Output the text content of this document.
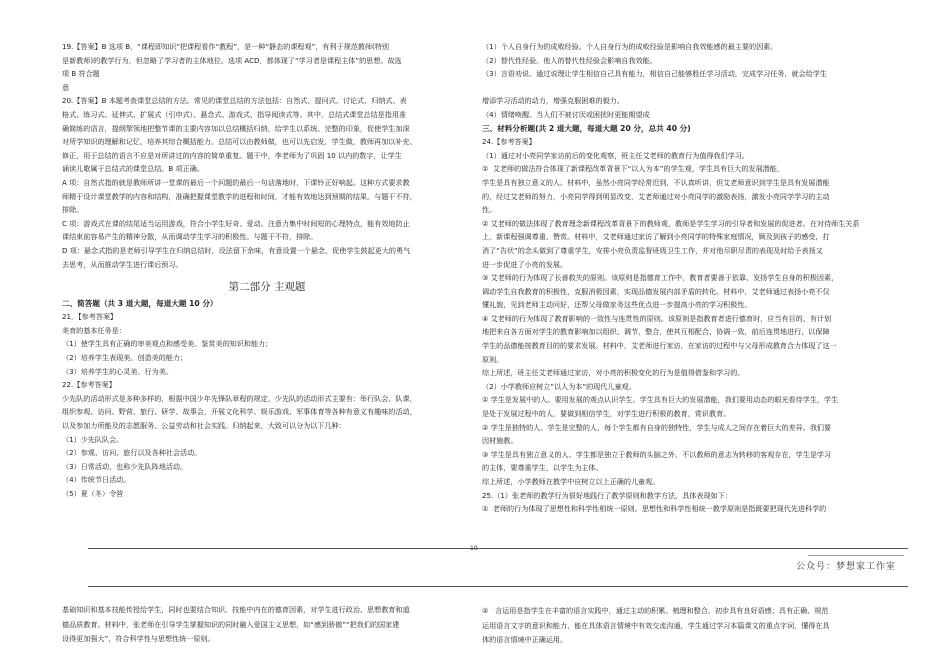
19.【答案】B 选项 B，“课程即知识”把课程看作“教程”，是一种“静态的课程观”，有利于规范教师(特别

是新教师)的教学行为，但忽略了学习者的主体地位。选项 ACD，都体现了“学习者是课程主体”的思想。故选

项 B 符合题

意

20.【答案】B 本题考查课堂总结的方法。常见的课堂总结的方法包括：自然式、提问式、讨论式、归纳式、表

格式、练习式、延伸式、扩展式（引申式）、悬念式、游戏式、指导阅读式等。其中，总结式课堂总结是指用准

确简练的语言，提纲挈领地把整节课的主要内容加以总结概括归纳，给学生以系统、完整的印象，促使学生加深

对所学知识的理解和记忆，培养其综合概括能力。总结可以由教师做，也可以先启发，学生做，教师再加以补充、

修正，用于总结的语言不应是对所讲过的内容的简单重复。题干中，李老师为了巩固 10 以内的数字，让学生

诵读儿歌属于总结式的课堂总结。B 项正确。

A 项：自然式指的就是教师所讲一堂课的最后一个问题的最后一句话落地时，下课铃正好响起。这种方式要求教

师精于设计课堂教学的内容和结构，准确把握课堂教学的进程和时间，才能有效地达到预期的结果。与题干不符，

排除。

C 项：游戏式在课的结尾适当运用游戏，符合小学生好奇、爱动、注意力集中时间短的心理特点，能有效地防止

课结束前容易产生的精神分散，从而调动学生学习的积极性。与题干不符，排除。

D 项：悬念式指的是老师引导学生在归纳总结时，设法留下余味，有意设置一个悬念，促使学生鼓起更大的勇气

去思考，从而推动学生进行课后预习。

第二部分 主观题
二、简答题（共 3 道大题，每道大题 10 分）

21．【参考答案】

美育的基本任务是：

（1）使学生具有正确的审美观点和感受美、鉴赏美的知识和能力；

（2）培养学生表现美、创造美的能力；

（3）培养学生的心灵美、行为美。

22.【参考答案】

少先队的活动形式是多种多样的，根据中国少年先锋队章程的规定，少先队的活动形式主要有：举行队会、队课，

组织参观、访问、野营、旅行、研学、故事会，开展文化科学、娱乐游戏、军事体育等各种有意义有趣味的活动，

以及参加力所能及的志愿服务、公益劳动和社会实践。归纳起来，大致可以分为以下几种：

（1）少先队队会。

（2）参观、访问、旅行以及各种社会活动。

（3）日常活动，也称少先队阵地活动。

（4）传统节日活动。

（5）夏（冬）令营

（1）个人自身行为的成败经验。个人自身行为的成败经验是影响自我效能感的最主要的因素。

（2）替代性经验。他人的替代性经验会影响自我效能。

（3）言语劝说。通过说理让学生相信自己具有能力，相信自己能够胜任学习活动，完成学习任务，就会给学生

增添学习活动的动力，增强克服困难的毅力。

（4）情绪唤醒。当人们不被讨厌或困扰时更能期望成

三、材料分析题(共 2 道大题，每道大题 20 分，总共 40 分)

24.【参考答案】

（1）通过对小亮同学家访前后的变化观察，班主任艾老师的教育行为值得我们学习。

①  艾老师的做法符合体现了新课程改革背景下“以人为本”的学生观，学生具有巨大的发展潜能，

学生是具有独立意义的人。材料中，虽然小亮同学经常迟到，不认真听讲，但艾老师意识到学生是具有发展潜能

的，经过艾老师的努力，小亮同学得到明显改变，艾老师通过对小亮同学的激励表扬，激发小亮同学学习的主动

性。

② 艾老师的做法体现了教育理念新课程改革背景下的教师观，教师是学生学习的引导者和发展的促进者。在对待师生关系

上，新课程强调尊重、赞赏。材料中，艾老师通过家访了解到小亮同学的特殊家庭情况，顾及到孩子的感受，打

消了“告状”的念头做到了尊重学生，安排小亮负责监督班级卫生工作，并对他尽职尽责的表现及时给予表扬又

进一步促进了小亮的发展。

③ 艾老师的行为体现了长善救失的原则。该原则是指德育工作中，教育者要善于依靠、发扬学生自身的积极因素，

调动学生自我教育的积极性，克服消极因素，实现品德发展内部矛盾的转化。材料中，艾老师通过表扬小亮不仅

懂礼貌，见到老师主动问好，还帮父母做家务这些优点进一步提高小亮的学习积极性。

④ 艾老师的行为体现了教育影响的一致性与连贯性的原则。该原则是指教育者进行德育时，应当有目的、有计划

地把来自各方面对学生的教育影响加以组织、调节，整合，使其互相配合、协调一致，前后连贯地进行，以保障

学生的品德能按教育目的的要求发展。材料中，艾老师进行家访，在家访的过程中与父母形成教育合力体现了这一

原则。

综上所述，班主任艾老师通过家访，对小亮的积极变化的行为是值得借鉴和学习的。

（2）小学教师应树立“以人为本”的现代儿童观。

① 学生是发展中的人。要用发展的观点认识学生。学生具有巨大的发展潜能，我们要用动态的眼光看待学生，学生

是处于发展过程中的人，要做到相信学生，对学生进行积极的教育，赏识教育。

② 学生是独特的人。学生是完整的人，每个学生都有自身的独特性，学生与成人之间存在着巨大的差异。我们要

因材施教。

③ 学生是具有独立意义的人。学生都是独立于教师的头脑之外，不以教师的意志为转移的客观存在，学生是学习

的主体，要尊重学生，以学生为主体。

综上所述，小学教师在教学中应树立以上正确的儿童观。

25.（1）张老师的教学行为很好地践行了教学原则和教学方法，具体表现如下：

①  老师的行为体现了思想性和科学性相统一原则。思想性和科学性相统一教学原则是指既要把现代先进科学的

10
公众号：梦想家工作室

基础知识和基本技能传授给学生，同时也要结合知识、技能中内在的德育因素，对学生进行政治、思想教育和道

德品质教育。材料中，张老师在引导学生掌握知识的同时融入爱国主义思想，如“感到骄傲”“把我们的国家建

设得更加强大”，符合科学性与思想性统一原则。

②   言运用是指学生在丰富的语言实践中，通过主动的积累、梳理和整合，初步具有良好语感；具有正确、规范

运用语言文字的意识和能力，能在具体语言情境中有效交流沟通，学生通过学习本篇课文的重点字词，懂得在具

体的语言情境中正确运用。
